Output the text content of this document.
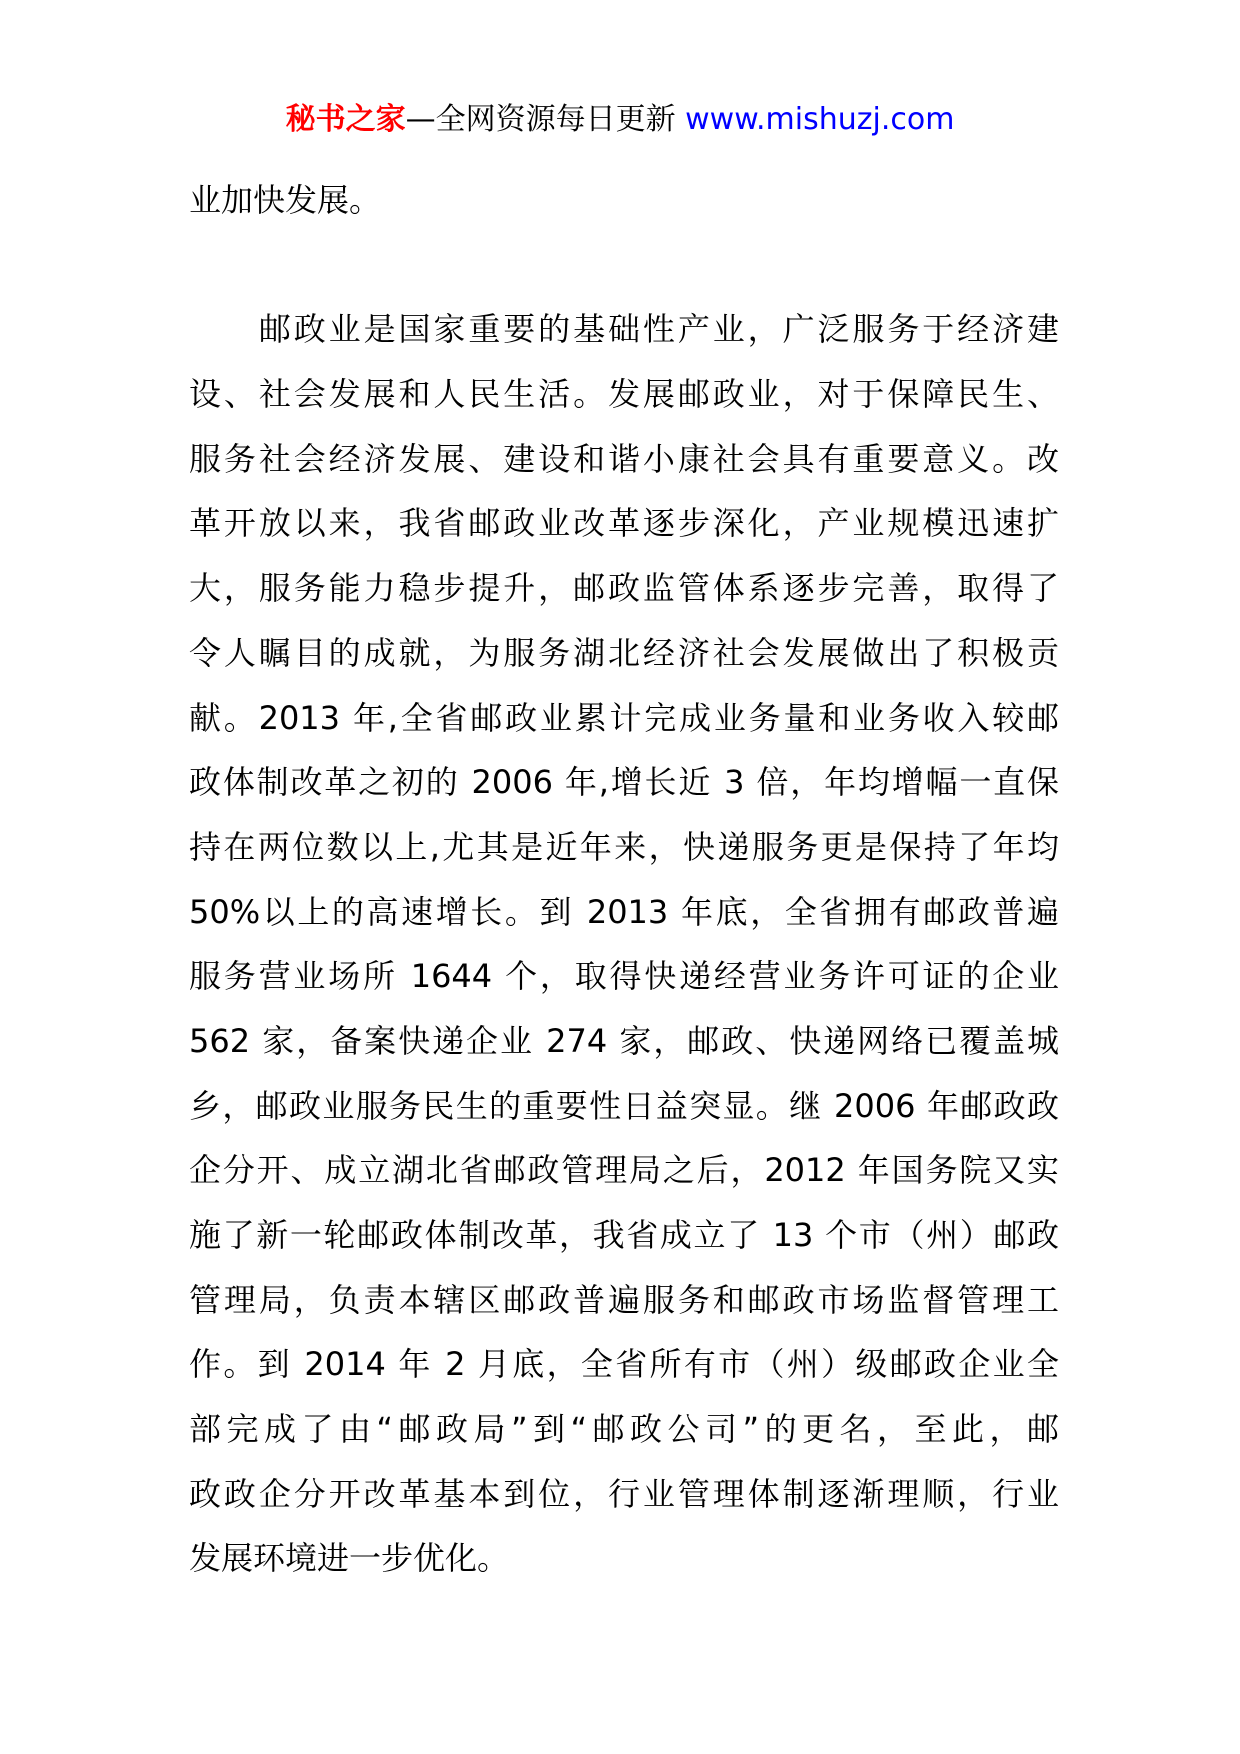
秘书之家—全网资源每日更新 www.mishuzj.com
业加快发展。
　　邮政业是国家重要的基础性产业，广泛服务于经济建
设、社会发展和人民生活。发展邮政业，对于保障民生、
服务社会经济发展、建设和谐小康社会具有重要意义。改
革开放以来，我省邮政业改革逐步深化，产业规模迅速扩
大，服务能力稳步提升，邮政监管体系逐步完善，取得了
令人瞩目的成就，为服务湖北经济社会发展做出了积极贡
献。2013 年,全省邮政业累计完成业务量和业务收入较邮
政体制改革之初的 2006 年,增长近 3 倍，年均增幅一直保
持在两位数以上,尤其是近年来，快递服务更是保持了年均
50%以上的高速增长。到 2013 年底，全省拥有邮政普遍
服务营业场所 1644 个，取得快递经营业务许可证的企业
562 家，备案快递企业 274 家，邮政、快递网络已覆盖城
乡，邮政业服务民生的重要性日益突显。继 2006 年邮政政
企分开、成立湖北省邮政管理局之后，2012 年国务院又实
施了新一轮邮政体制改革，我省成立了 13 个市（州）邮政
管理局，负责本辖区邮政普遍服务和邮政市场监督管理工
作。到 2014 年 2 月底，全省所有市（州）级邮政企业全
部完成了由“邮政局”到“邮政公司”的更名，至此，邮
政政企分开改革基本到位，行业管理体制逐渐理顺，行业
发展环境进一步优化。
